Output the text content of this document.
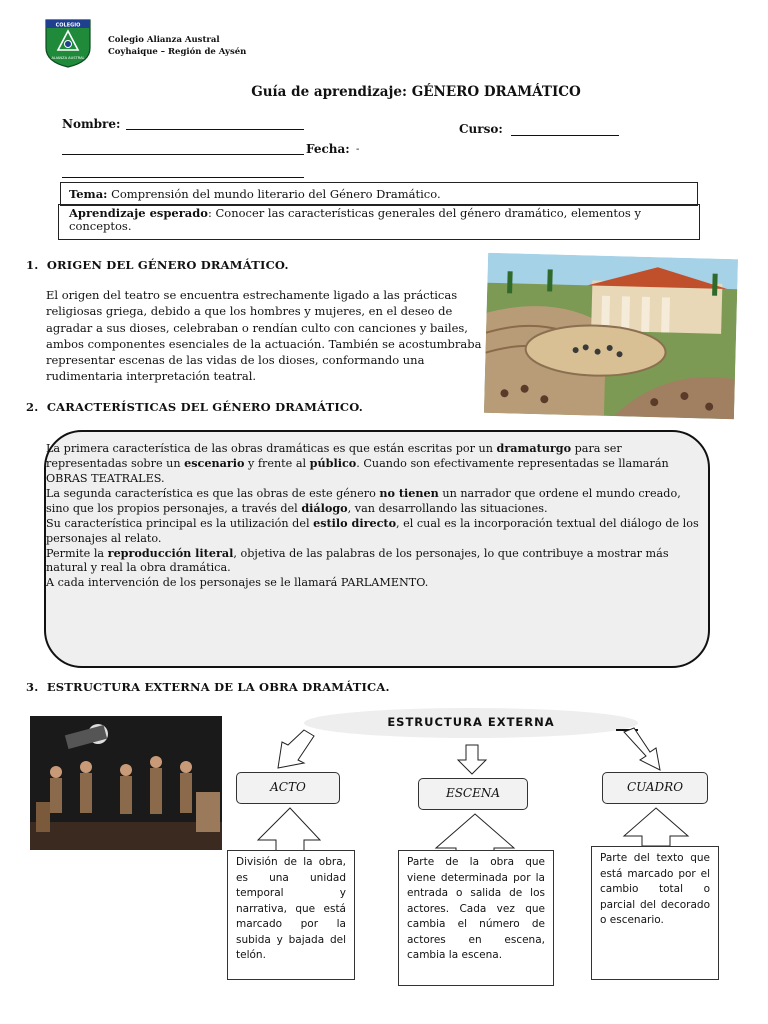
COLEGIO
ALIANZA AUSTRAL
Colegio Alianza Austral
Coyhaique – Región de Aysén
Guía de aprendizaje: GÉNERO DRAMÁTICO
Nombre:	Curso:
Fecha: -
Tema: Comprensión del mundo literario del Género Dramático.
Aprendizaje esperado: Conocer las características generales del género dramático, elementos y conceptos.
1. ORIGEN DEL GÉNERO DRAMÁTICO.
El origen del teatro se encuentra estrechamente ligado a las prácticas religiosas griega, debido a que los hombres y mujeres, en el deseo de agradar a sus dioses, celebraban o rendían culto con canciones y bailes, ambos componentes esenciales de la actuación. También se acostumbraba representar escenas de las vidas de los dioses, conformando una rudimentaria interpretación teatral.
2. CARACTERÍSTICAS DEL GÉNERO DRAMÁTICO.
La primera característica de las obras dramáticas es que están escritas por un dramaturgo para ser representadas sobre un escenario y frente al público. Cuando son efectivamente representadas se llamarán OBRAS TEATRALES.
La segunda característica es que las obras de este género no tienen un narrador que ordene el mundo creado, sino que los propios personajes, a través del diálogo, van desarrollando las situaciones.
Su característica principal es la utilización del estilo directo, el cual es la incorporación textual del diálogo de los personajes al relato.
Permite la reproducción literal, objetiva de las palabras de los personajes, lo que contribuye a mostrar más natural y real la obra dramática.
A cada intervención de los personajes se le llamará PARLAMENTO.
3. ESTRUCTURA EXTERNA DE LA OBRA DRAMÁTICA.
ESTRUCTURA EXTERNA
ACTO	ESCENA	CUADRO
División de la obra, es una unidad temporal y narrativa, que está marcado por la subida y bajada del telón.
Parte de la obra que viene determinada por la entrada o salida de los actores. Cada vez que cambia el número de actores en escena, cambia la escena.
Parte del texto que está marcado por el cambio total o parcial del decorado o escenario.
